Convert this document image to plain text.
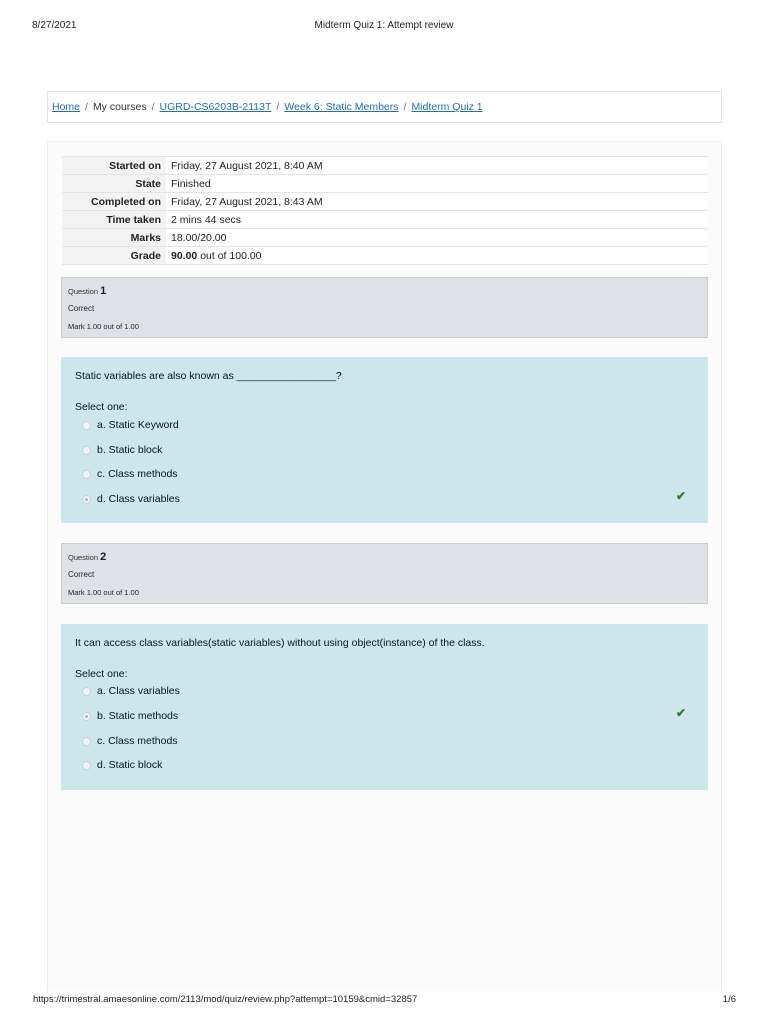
8/27/2021	Midterm Quiz 1: Attempt review
Home / My courses / UGRD-CS6203B-2113T / Week 6: Static Members / Midterm Quiz 1
Started on	Friday, 27 August 2021, 8:40 AM
State	Finished
Completed on	Friday, 27 August 2021, 8:43 AM
Time taken	2 mins 44 secs
Marks	18.00/20.00
Grade	90.00 out of 100.00
Question 1
Correct
Mark 1.00 out of 1.00
Static variables are also known as _________________?
Select one:
a. Static Keyword
b. Static block
c. Class methods
d. Class variables	✔
Question 2
Correct
Mark 1.00 out of 1.00
It can access class variables(static variables) without using object(instance) of the class.
Select one:
a. Class variables
b. Static methods
c. Class methods
d. Static block
✔
https://trimestral.amaesonline.com/2113/mod/quiz/review.php?attempt=10159&cmid=32857	1/6
